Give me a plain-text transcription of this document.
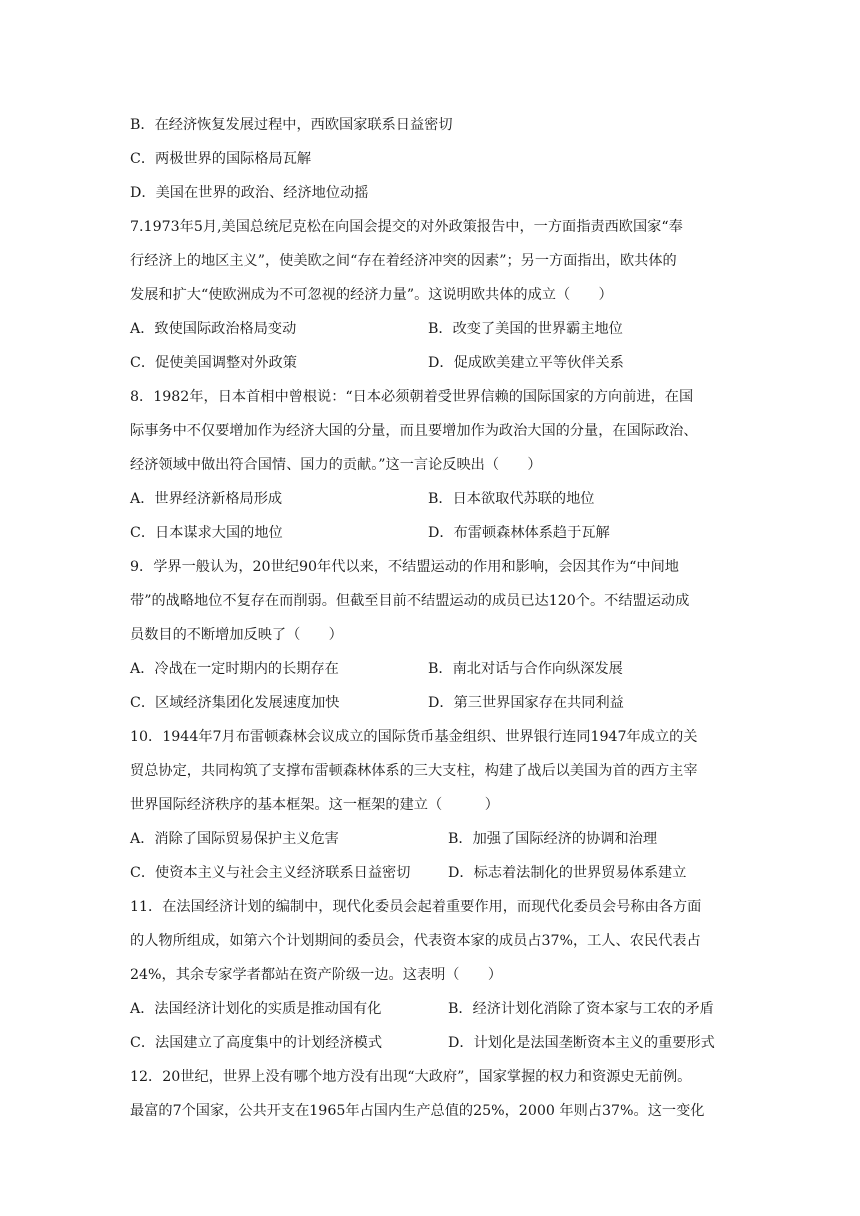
B．在经济恢复发展过程中，西欧国家联系日益密切
C．两极世界的国际格局瓦解
D．美国在世界的政治、经济地位动摇
7.1973年5月,美国总统尼克松在向国会提交的对外政策报告中，一方面指责西欧国家“奉
行经济上的地区主义”，使美欧之间“存在着经济冲突的因素”；另一方面指出，欧共体的
发展和扩大“使欧洲成为不可忽视的经济力量”。这说明欧共体的成立（　　）
A．致使国际政治格局变动	B．改变了美国的世界霸主地位
C．促使美国调整对外政策	D．促成欧美建立平等伙伴关系
8．1982年，日本首相中曾根说：“日本必须朝着受世界信赖的国际国家的方向前进，在国
际事务中不仅要增加作为经济大国的分量，而且要增加作为政治大国的分量，在国际政治、
经济领域中做出符合国情、国力的贡献。”这一言论反映出（　　）
A．世界经济新格局形成	B．日本欲取代苏联的地位
C．日本谋求大国的地位	D．布雷顿森林体系趋于瓦解
9．学界一般认为，20世纪90年代以来，不结盟运动的作用和影响，会因其作为“中间地
带”的战略地位不复存在而削弱。但截至目前不结盟运动的成员已达120个。不结盟运动成
员数目的不断增加反映了（　　）
A．冷战在一定时期内的长期存在	B．南北对话与合作向纵深发展
C．区域经济集团化发展速度加快	D．第三世界国家存在共同利益
10．1944年7月布雷顿森林会议成立的国际货币基金组织、世界银行连同1947年成立的关
贸总协定，共同构筑了支撑布雷顿森林体系的三大支柱，构建了战后以美国为首的西方主宰
世界国际经济秩序的基本框架。这一框架的建立（　　　）
A．消除了国际贸易保护主义危害	B．加强了国际经济的协调和治理
C．使资本主义与社会主义经济联系日益密切	D．标志着法制化的世界贸易体系建立
11．在法国经济计划的编制中，现代化委员会起着重要作用，而现代化委员会号称由各方面
的人物所组成，如第六个计划期间的委员会，代表资本家的成员占37%，工人、农民代表占
24%，其余专家学者都站在资产阶级一边。这表明（　　）
A．法国经济计划化的实质是推动国有化	B．经济计划化消除了资本家与工农的矛盾
C．法国建立了高度集中的计划经济模式	D．计划化是法国垄断资本主义的重要形式
12．20世纪，世界上没有哪个地方没有出现“大政府”，国家掌握的权力和资源史无前例。
最富的7个国家，公共开支在1965年占国内生产总值的25%，2000 年则占37%。这一变化
